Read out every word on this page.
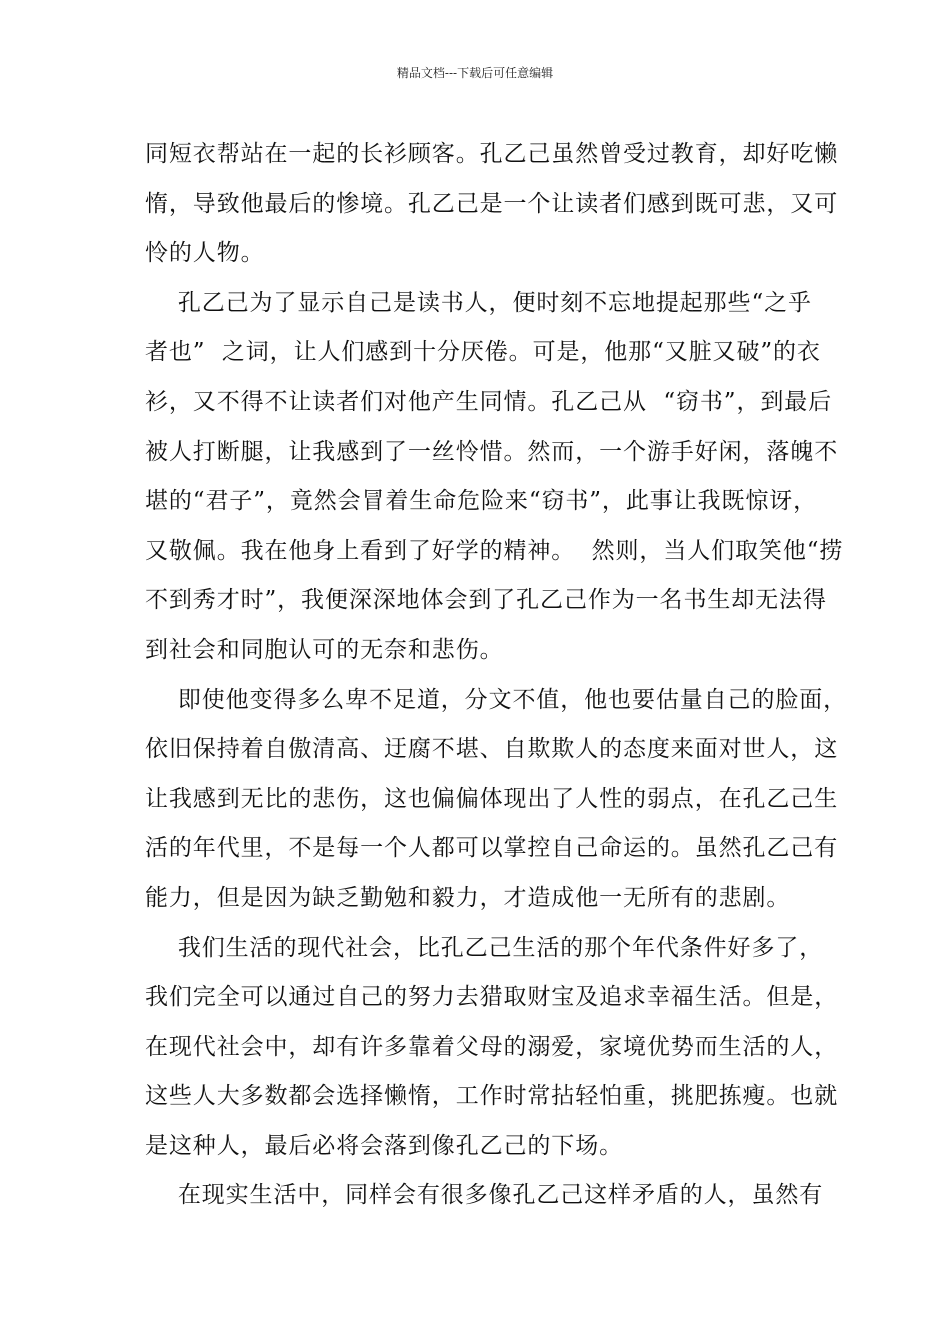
精品文档---下载后可任意编辑
同短衣帮站在一起的长衫顾客。孔乙己虽然曾受过教育，却好吃懒
惰，导致他最后的惨境。孔乙己是一个让读者们感到既可悲，又可
怜的人物。
孔乙己为了显示自己是读书人，便时刻不忘地提起那些“之乎
者也”  之词，让人们感到十分厌倦。可是，他那“又脏又破”的衣
衫，又不得不让读者们对他产生同情。孔乙己从  “窃书”，到最后
被人打断腿，让我感到了一丝怜惜。然而，一个游手好闲，落魄不
堪的“君子”，竟然会冒着生命危险来“窃书”，此事让我既惊讶，
又敬佩。我在他身上看到了好学的精神。  然则，当人们取笑他“捞
不到秀才时”，我便深深地体会到了孔乙己作为一名书生却无法得
到社会和同胞认可的无奈和悲伤。
即使他变得多么卑不足道，分文不值，他也要估量自己的脸面，
依旧保持着自傲清高、迂腐不堪、自欺欺人的态度来面对世人，这
让我感到无比的悲伤，这也偏偏体现出了人性的弱点，在孔乙己生
活的年代里，不是每一个人都可以掌控自己命运的。虽然孔乙己有
能力，但是因为缺乏勤勉和毅力，才造成他一无所有的悲剧。
我们生活的现代社会，比孔乙己生活的那个年代条件好多了，
我们完全可以通过自己的努力去猎取财宝及追求幸福生活。但是，
在现代社会中，却有许多靠着父母的溺爱，家境优势而生活的人，
这些人大多数都会选择懒惰，工作时常拈轻怕重，挑肥拣瘦。也就
是这种人，最后必将会落到像孔乙己的下场。
在现实生活中，同样会有很多像孔乙己这样矛盾的人，虽然有
